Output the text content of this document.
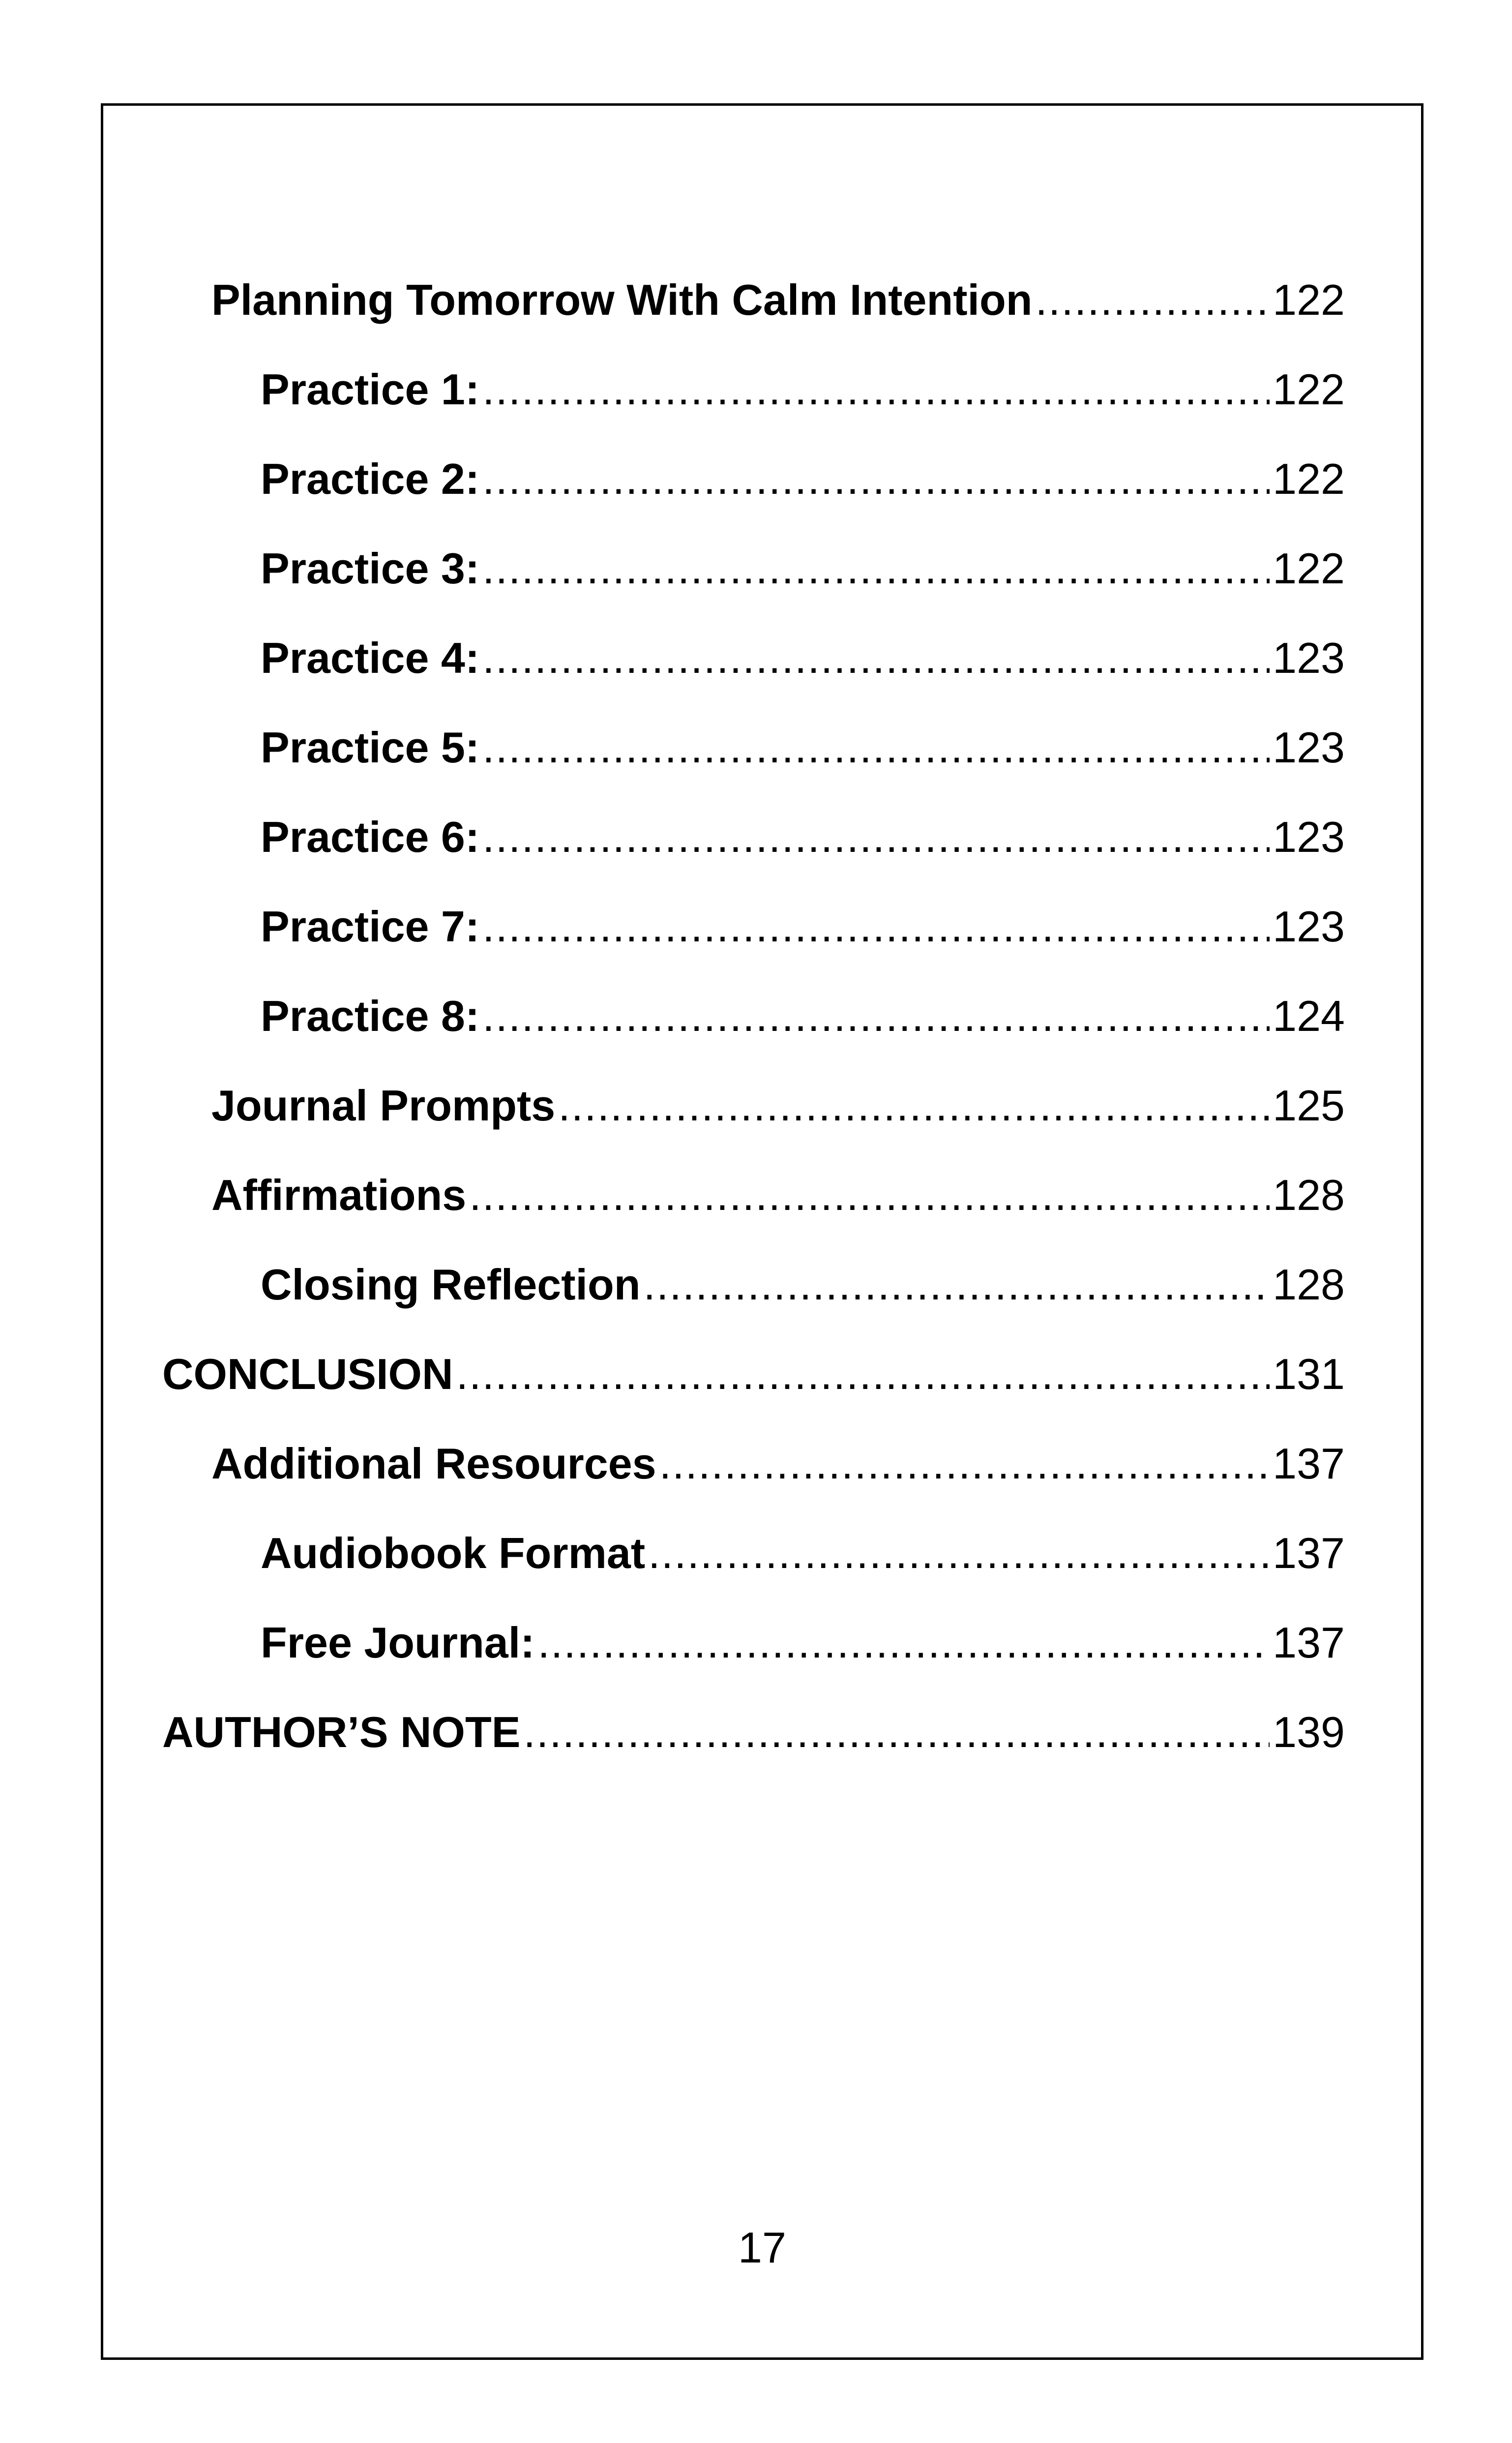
Planning Tomorrow With Calm Intention .....	122
Practice 1: .....	122
Practice 2: .....	122
Practice 3: .....	122
Practice 4: .....	123
Practice 5: .....	123
Practice 6: .....	123
Practice 7: .....	123
Practice 8: .....	124
Journal Prompts .....	125
Affirmations .....	128
Closing Reflection .....	128
CONCLUSION .....	131
Additional Resources .....	137
Audiobook Format .....	137
Free Journal: .....	137
AUTHOR’S NOTE .....	139
17
